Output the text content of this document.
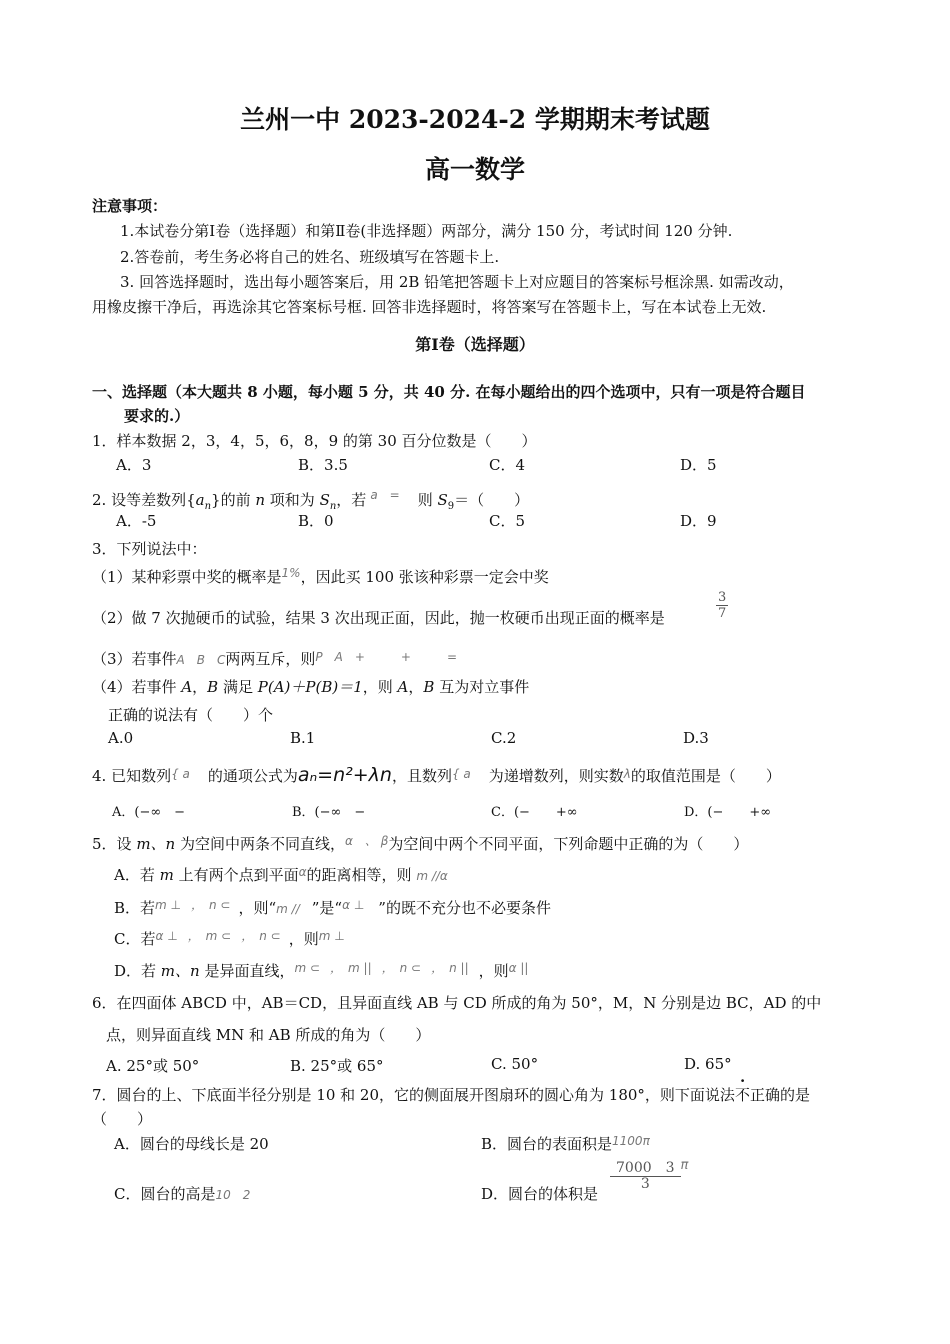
兰州一中 2023-2024-2 学期期末考试题
高一数学
注意事项：
1.本试卷分第Ⅰ卷（选择题）和第Ⅱ卷(非选择题）两部分，满分 150 分，考试时间 120 分钟.
2.答卷前，考生务必将自己的姓名、班级填写在答题卡上.
3. 回答选择题时，选出每小题答案后，用 2B 铅笔把答题卡上对应题目的答案标号框涂黑. 如需改动，
用橡皮擦干净后，再选涂其它答案标号框. 回答非选择题时，将答案写在答题卡上，写在本试卷上无效.
第Ⅰ卷（选择题）
一、选择题（本大题共 8 小题，每小题 5 分，共 40 分. 在每小题给出的四个选项中，只有一项是符合题目
要求的.）
1．样本数据 2，3，4，5，6，8，9 的第 30 百分位数是（　　）
A．3	B．3.5	C．4	D．5
2. 设等差数列$\{a_n\}$的前 n 项和为 $S_n$，若 $^{a =}$ 则 $S_9=$（　　）
A．-5	B．0	C．5	D．9
3．下列说法中：
（1）某种彩票中奖的概率是$^{1\%}$，因此买 100 张该种彩票一定会中奖
（2）做 7 次抛硬币的试验，结果 3 次出现正面，因此，抛一枚硬币出现正面的概率是	$\frac{3}{7}$
（3）若事件A　B　C两两互斥，则$^{P A + + =}$
（4）若事件 A，B 满足 P(A)＋P(B)＝1，则 A，B 互为对立事件
正确的说法有（　　）个
A.0	B.1	C.2	D.3
4. 已知数列$^{\{ a}$ 的通项公式为aₙ=n²+λn，且数列$^{\{ a}$ 为递增数列，则实数$^\lambda$的取值范围是（　　）
A．(−∞　−	B．(−∞　−	C．(−　　+∞	D．(−　　+∞
5．设 m、n 为空间中两条不同直线，$^{\alpha 、 \beta}$为空间中两个不同平面，下列命题中正确的为（　　）
A．若 m 上有两个点到平面$^\alpha$的距离相等，则 m //α
B．若$^{m \perp}$ $^{, n \subset}$ ，则“m // ”是“$^{\alpha \perp}$ ”的既不充分也不必要条件
C．若$^{\alpha \perp}$ $^{, m \subset}$ $^{, n \subset}$ ，则$^{m \perp}$
D．若 m、n 是异面直线，$^{m \subset}$ $^{, m ||}$ $^{, n \subset}$ $^{, n ||}$ ，则$^{\alpha ||}$
6．在四面体 ABCD 中，AB＝CD，且异面直线 AB 与 CD 所成的角为 50°，M，N 分别是边 BC，AD 的中
点，则异面直线 MN 和 AB 所成的角为（　　）
A. 25°或 50°	B. 25°或 65°	C. 50°	D. 65°
7．圆台的上、下底面半径分别是 10 和 20，它的侧面展开图扇环的圆心角为 180°，则下面说法不正确的是
（　　）
A．圆台的母线长是 20	B．圆台的表面积是$^{1100\pi}$
C．圆台的高是10　2	D．圆台的体积是
$\frac{7000 3}{3} ^\pi$
